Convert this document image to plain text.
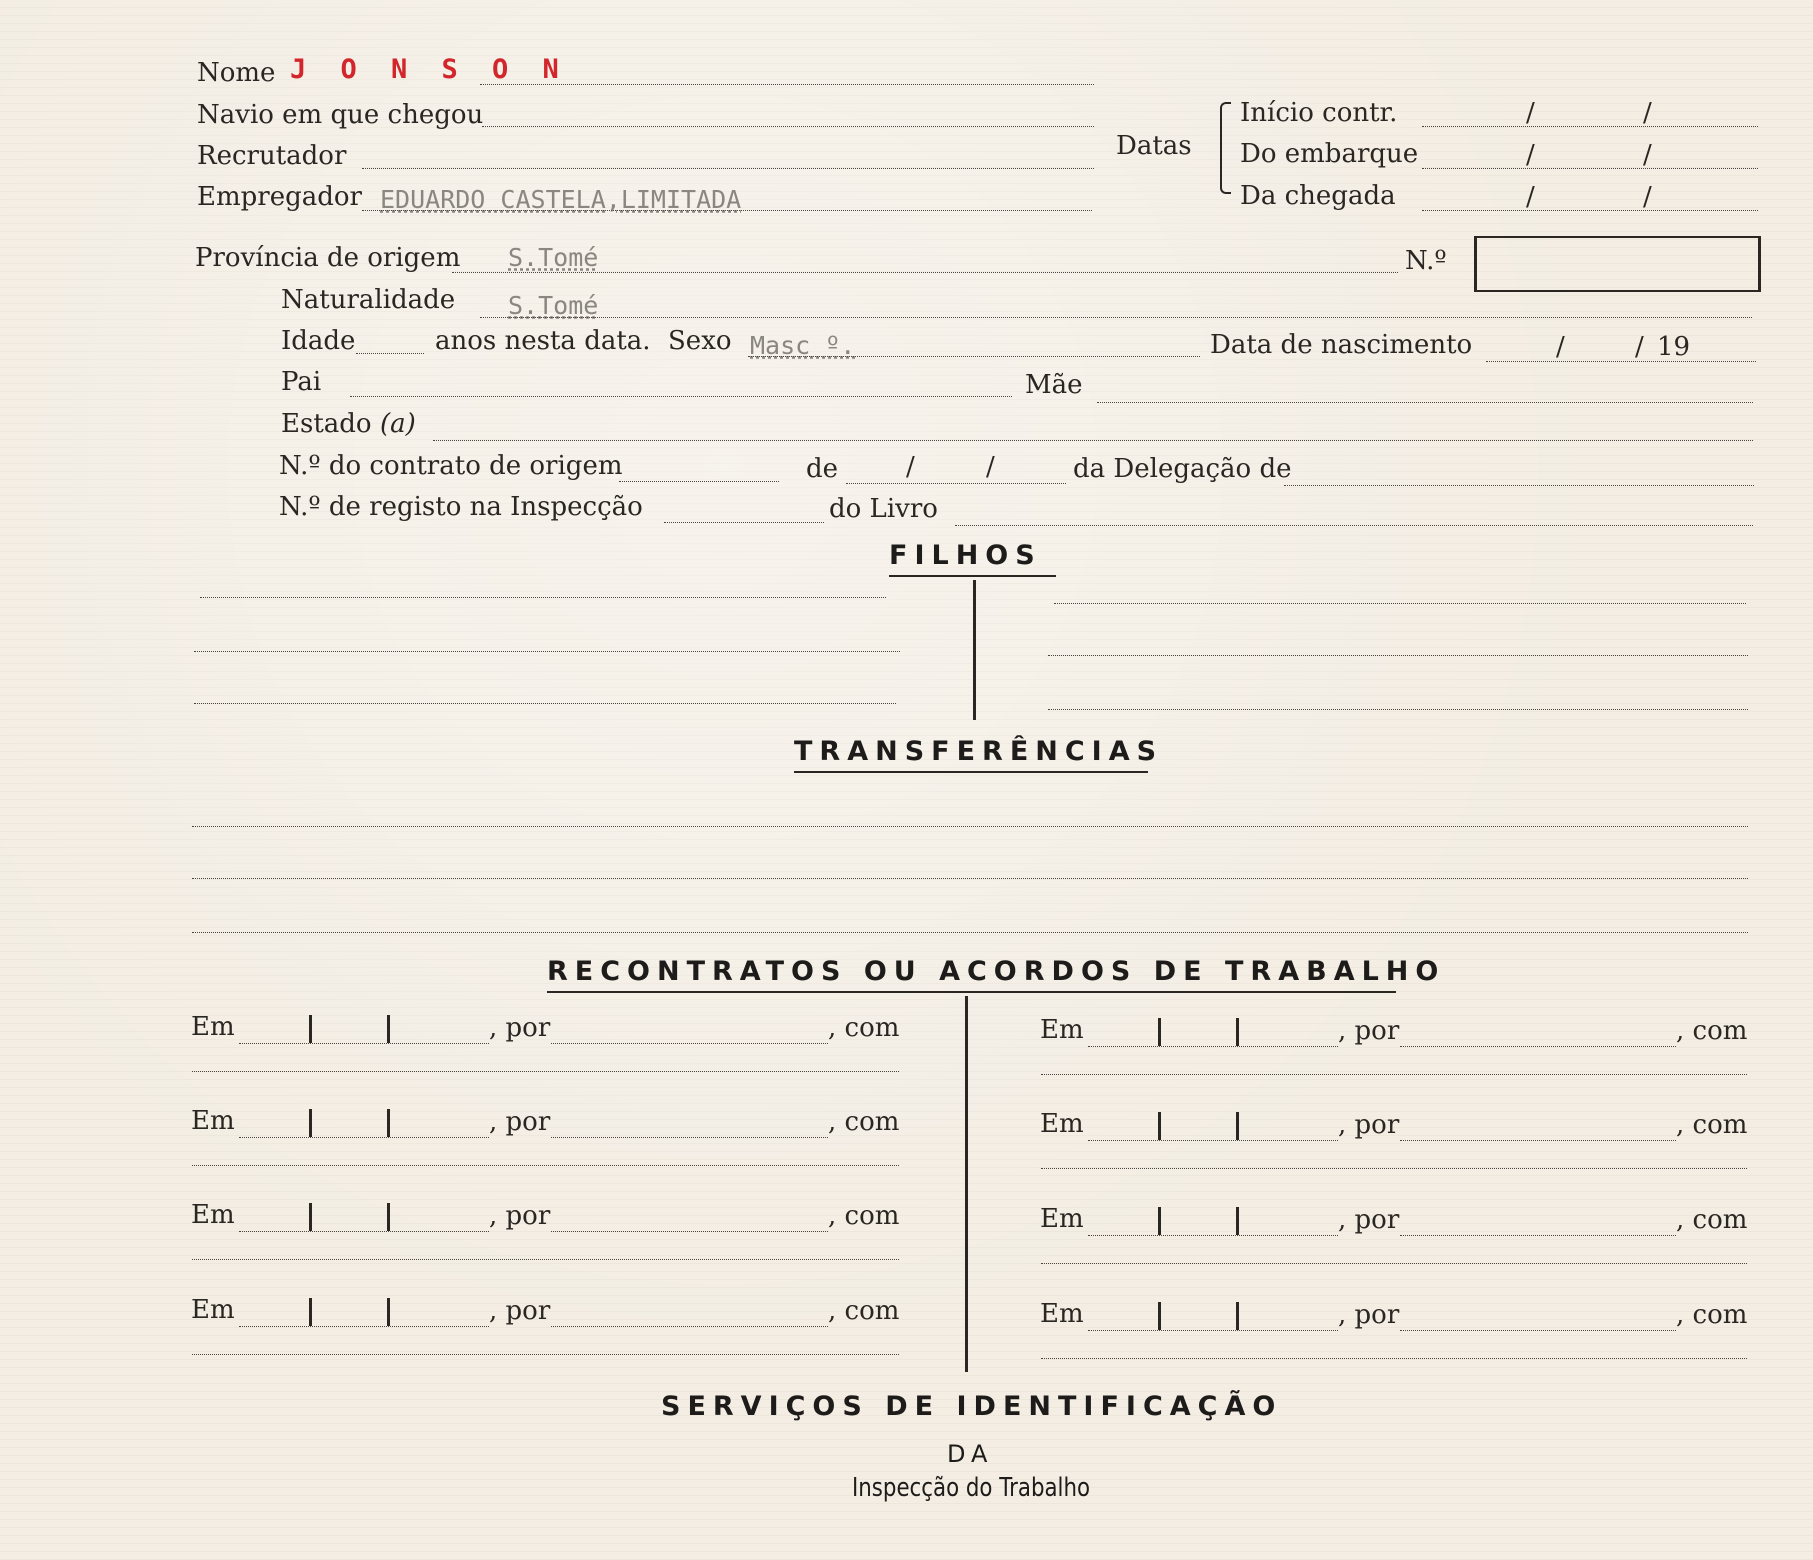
Nome J O N S O N
Navio em que chegou
Recrutador
Empregador EDUARDO CASTELA,LIMITADA
Datas
Início contr.	/	/
Do embarque	/	/
Da chegada	/	/
Província de origem S.Tomé	N.º
Naturalidade S.Tomé
Idade	anos nesta data. Sexo Masc º.	Data de nascimento	/	/ 19
Pai	Mãe
Estado (a)
N.º do contrato de origem	de	/	/	da Delegação de
N.º de registo na Inspecção	do Livro
FILHOS
TRANSFERÊNCIAS
RECONTRATOS OU ACORDOS DE TRABALHO
Em	, por	, com
Em	, por	, com
Em	, por	, com
Em	, por	, com
Em	, por	, com
Em	, por	, com
Em	, por	, com
Em	, por	, com
SERVIÇOS DE IDENTIFICAÇÃO
DA
Inspecção do Trabalho
